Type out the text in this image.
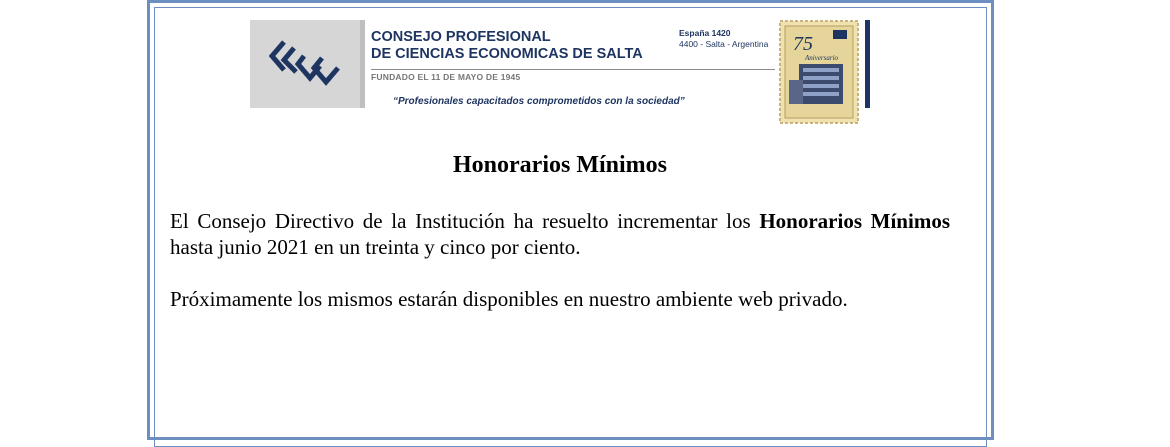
CONSEJO PROFESIONAL
DE CIENCIAS ECONOMICAS DE SALTA
España 1420
4400 - Salta - Argentina
FUNDADO EL 11 DE MAYO DE 1945
“Profesionales capacitados comprometidos con la sociedad”
75
Aniversario
Honorarios Mínimos
El Consejo Directivo de la Institución ha resuelto incrementar los Honorarios Mínimos hasta junio 2021 en un treinta y cinco por ciento.
Próximamente los mismos estarán disponibles en nuestro ambiente web privado.
